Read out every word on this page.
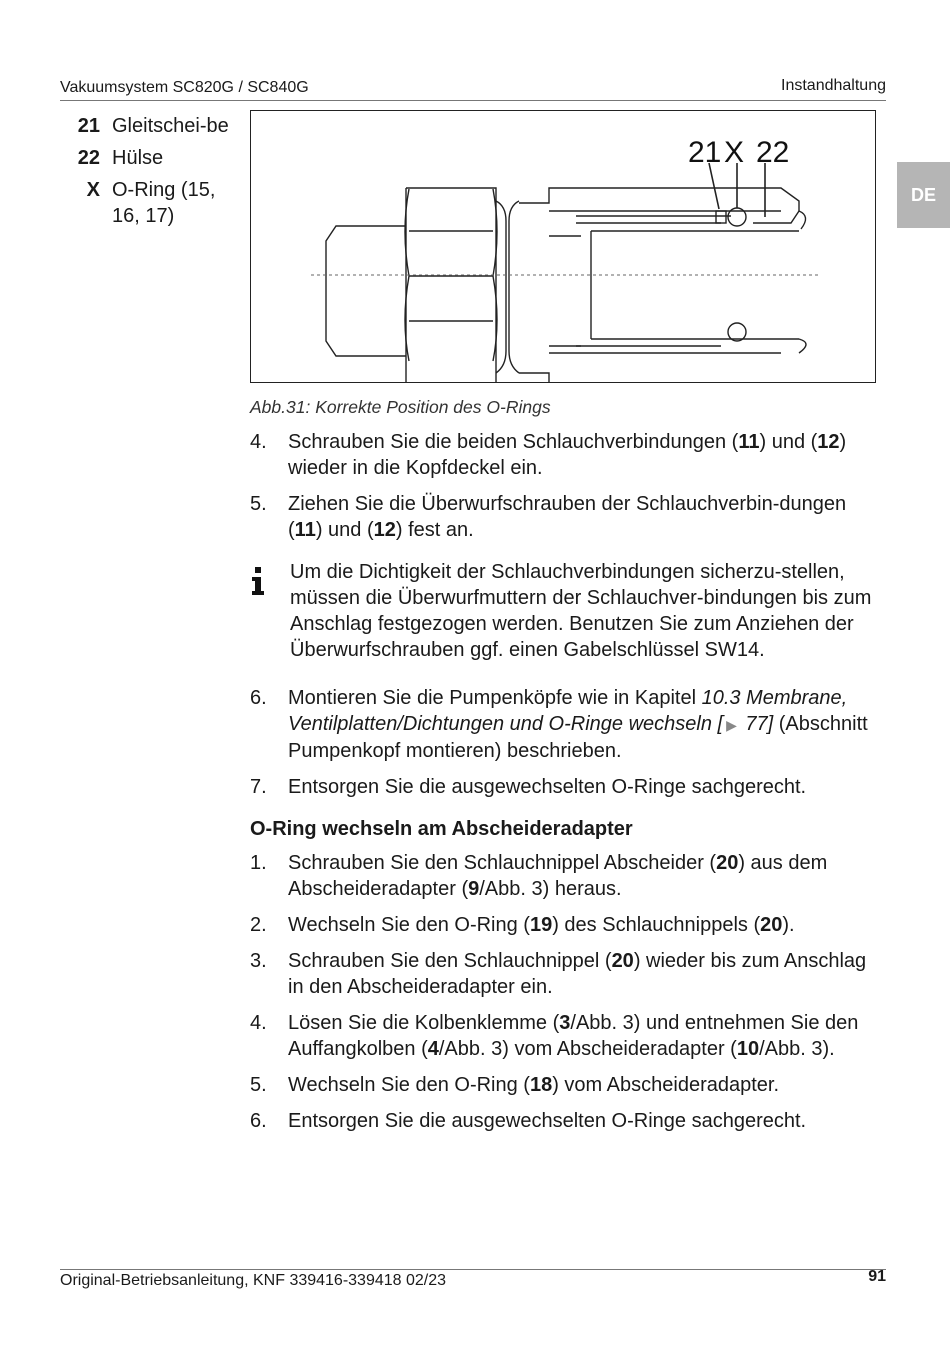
Vakuumsystem SC820G / SC840G	Instandhaltung
DE
21 Gleitschei-be
22 Hülse
X O-Ring (15, 16, 17)
21 X 22
Abb.31: Korrekte Position des O-Rings
4.	Schrauben Sie die beiden Schlauchverbindungen (11) und (12) wieder in die Kopfdeckel ein.
5.	Ziehen Sie die Überwurfschrauben der Schlauchverbin-dungen (11) und (12) fest an.
Um die Dichtigkeit der Schlauchverbindungen sicherzu-stellen, müssen die Überwurfmuttern der Schlauchver-bindungen bis zum Anschlag festgezogen werden. Benutzen Sie zum Anziehen der Überwurfschrauben ggf. einen Gabelschlüssel SW14.
6.	Montieren Sie die Pumpenköpfe wie in Kapitel 10.3 Membrane, Ventilplatten/Dichtungen und O-Ringe wechseln [ ▶ 77] (Abschnitt Pumpenkopf montieren) beschrieben.
7.	Entsorgen Sie die ausgewechselten O-Ringe sachgerecht.
O-Ring wechseln am Abscheideradapter
1.	Schrauben Sie den Schlauchnippel Abscheider (20) aus dem Abscheideradapter (9/Abb. 3) heraus.
2.	Wechseln Sie den O-Ring (19) des Schlauchnippels (20).
3.	Schrauben Sie den Schlauchnippel (20) wieder bis zum Anschlag in den Abscheideradapter ein.
4.	Lösen Sie die Kolbenklemme (3/Abb. 3) und entnehmen Sie den Auffangkolben (4/Abb. 3) vom Abscheideradapter (10/Abb. 3).
5.	Wechseln Sie den O-Ring (18) vom Abscheideradapter.
6.	Entsorgen Sie die ausgewechselten O-Ringe sachgerecht.
Original-Betriebsanleitung, KNF 339416-339418 02/23	91
